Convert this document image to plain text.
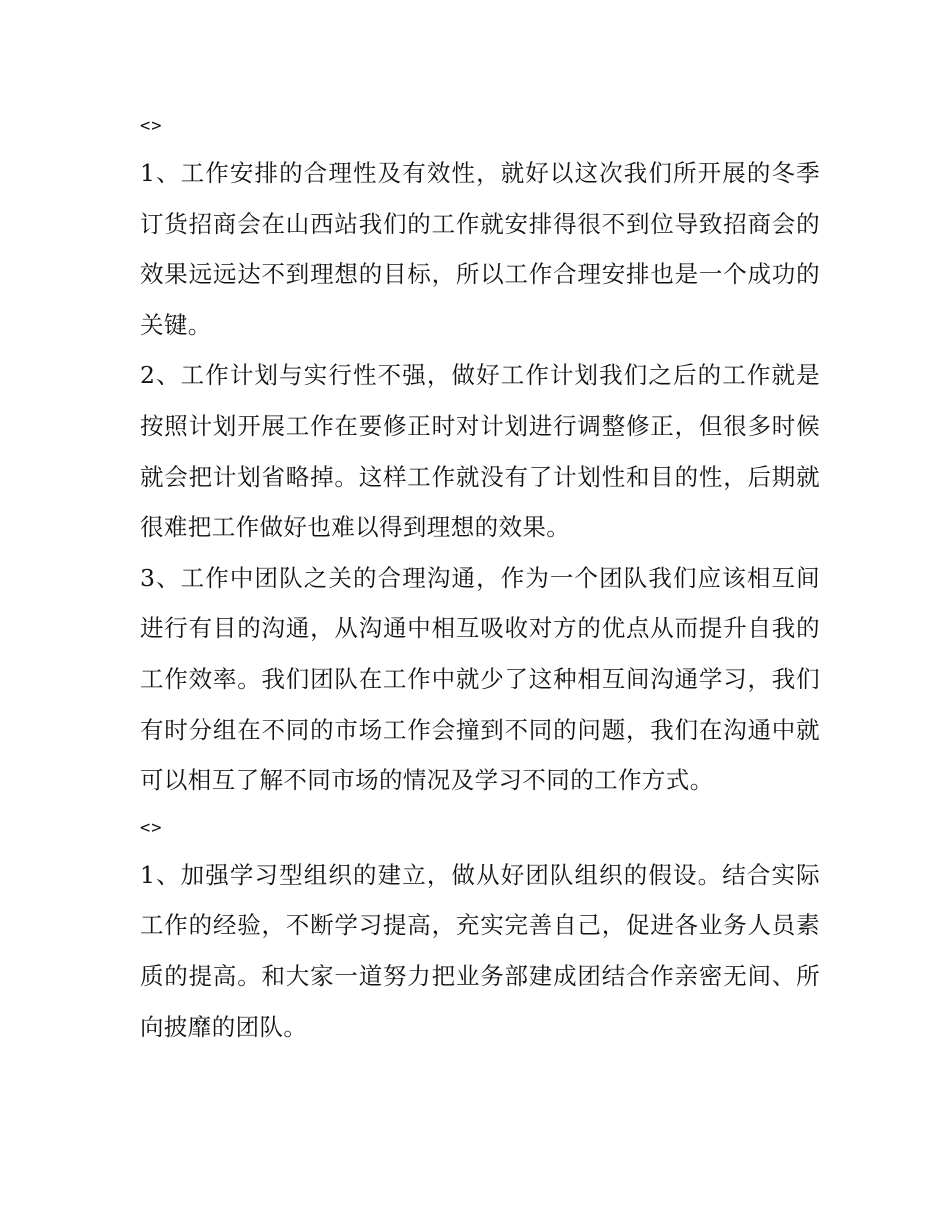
<>

1、工作安排的合理性及有效性，就好以这次我们所开展的冬季订货招商会在山西站我们的工作就安排得很不到位导致招商会的效果远远达不到理想的目标，所以工作合理安排也是一个成功的关键。

2、工作计划与实行性不强，做好工作计划我们之后的工作就是按照计划开展工作在要修正时对计划进行调整修正，但很多时候就会把计划省略掉。这样工作就没有了计划性和目的性，后期就很难把工作做好也难以得到理想的效果。

3、工作中团队之关的合理沟通，作为一个团队我们应该相互间进行有目的沟通，从沟通中相互吸收对方的优点从而提升自我的工作效率。我们团队在工作中就少了这种相互间沟通学习，我们有时分组在不同的市场工作会撞到不同的问题，我们在沟通中就可以相互了解不同市场的情况及学习不同的工作方式。

<>

1、加强学习型组织的建立，做从好团队组织的假设。结合实际工作的经验，不断学习提高，充实完善自己，促进各业务人员素质的提高。和大家一道努力把业务部建成团结合作亲密无间、所向披靡的团队。
